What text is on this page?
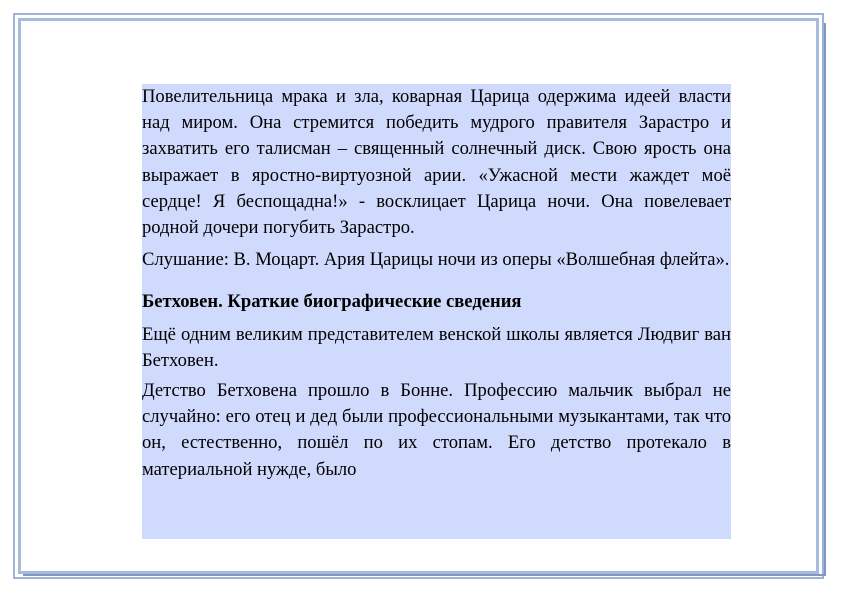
Повелительница мрака и зла, коварная Царица одержима идеей власти над миром. Она стремится победить мудрого правителя Зарастро и захватить его талисман – священный солнечный диск. Свою ярость она выражает в яростно-виртуозной арии. «Ужасной мести жаждет моё сердце! Я беспощадна!» - восклицает Царица ночи. Она повелевает родной дочери погубить Зарастро.

Слушание: В. Моцарт. Ария Царицы ночи из оперы «Волшебная флейта».

Бетховен. Краткие биографические сведения

Ещё одним великим представителем венской школы является Людвиг ван Бетховен.

Детство Бетховена прошло в Бонне. Профессию мальчик выбрал не случайно: его отец и дед были профессиональными музыкантами, так что он, естественно, пошёл по их стопам. Его детство протекало в материальной нужде, было
